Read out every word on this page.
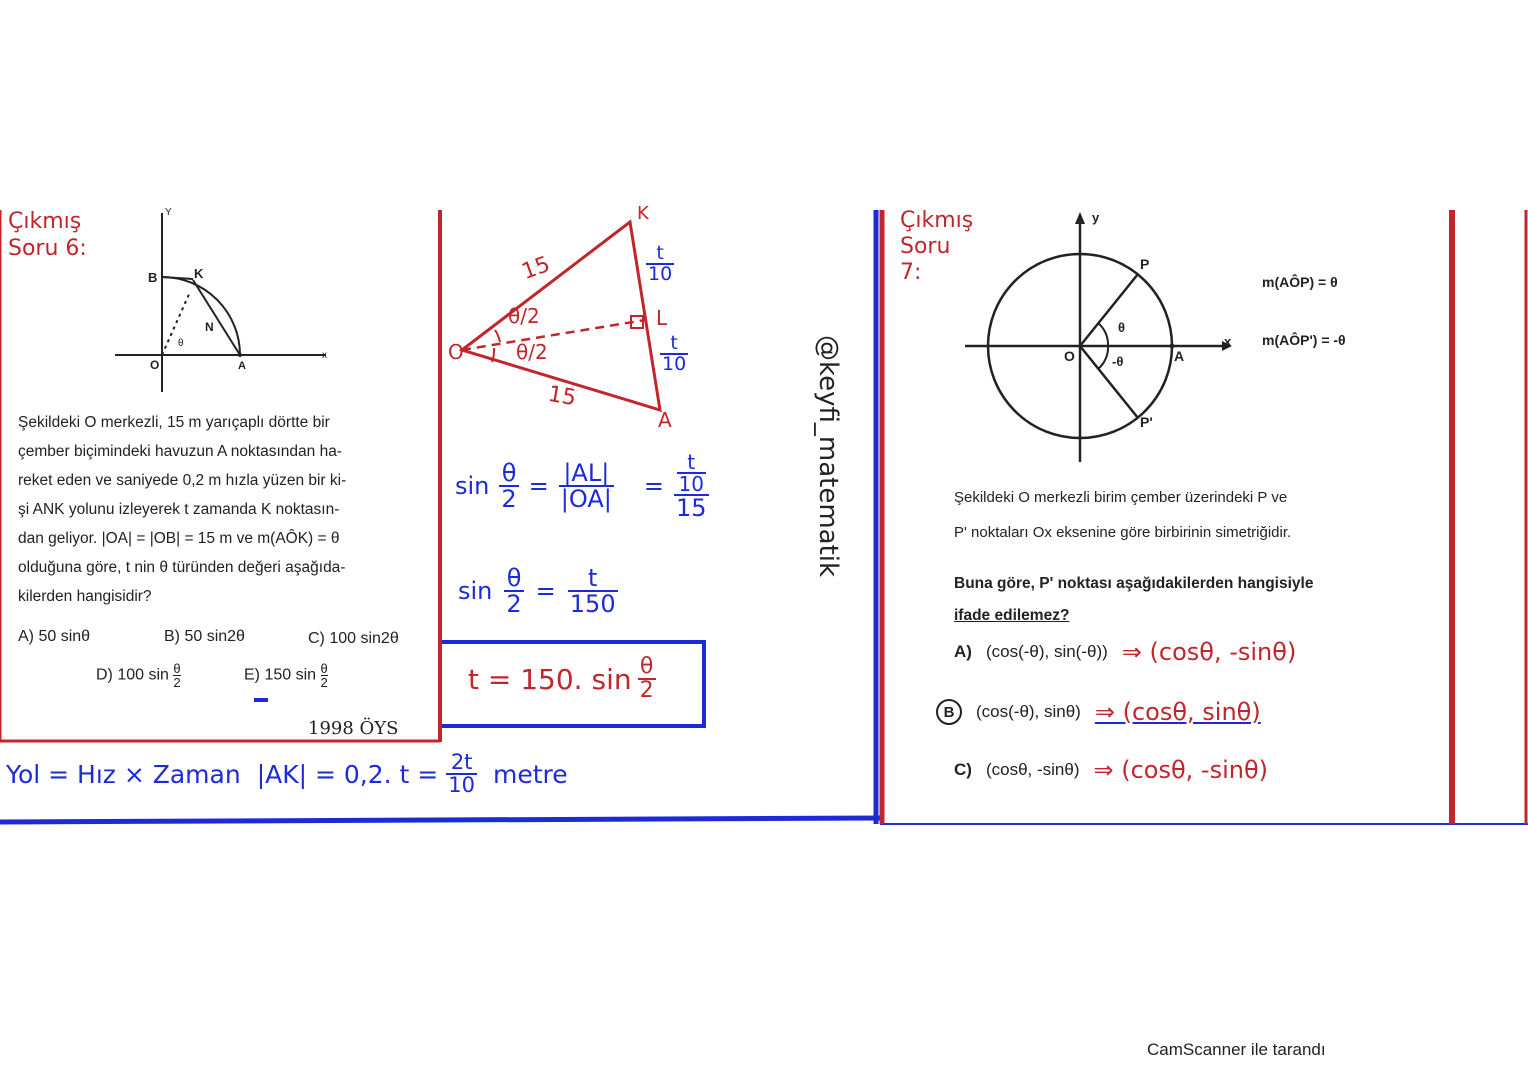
Çıkmış
Soru 6:
Y
B	K
N
O
θ
A
x
Şekildeki O merkezli, 15 m yarıçaplı dörtte bir
çember biçimindeki havuzun A noktasından ha-
reket eden ve saniyede 0,2 m hızla yüzen bir ki-
şi ANK yolunu izleyerek t zamanda K noktasın-
dan geliyor. |OA| = |OB| = 15 m ve m(AÔK) = θ
olduğuna göre, t nin θ türünden değeri aşağıda-
kilerden hangisidir?
A) 50 sinθ	B) 50 sin2θ	C) 100 sin2θ
D) 100 $\sin \frac{\theta}{2}$	E) 150 $\sin \frac{\theta}{2}$
1998 ÖYS
K
O
A
L
15
15
θ/2
θ/2
$\frac{t}{10}$
$\frac{t}{10}$
$\sin \frac{\theta}{2} = \frac{|AL|}{|OA|} = \frac{\frac{t}{10}}{15}$
$\sin \frac{\theta}{2} = \frac{t}{150}$
t = 150. $\sin \frac{\theta}{2}$
Yol = Hız × Zaman |AK| = 0,2. $t = \frac{2t}{10}$ metre
@keyfi_matematik
Çıkmış
Soru
7:
y
x
O	A
P
P'
θ
-θ
m(AÔP) = θ
m(AÔP') = -θ
Şekildeki O merkezli birim çember üzerindeki P ve
P' noktaları Ox eksenine göre birbirinin simetriğidir.
Buna göre, P' noktası aşağıdakilerden hangisiyle
ifade edilemez?
A) (cos(-θ), sin(-θ)) ⇒ (cosθ, -sinθ)
B	(cos(-θ), sinθ) ⇒ (cosθ, sinθ)
C) (cosθ, -sinθ) ⇒ (cosθ, -sinθ)
CamScanner ile tarandı
